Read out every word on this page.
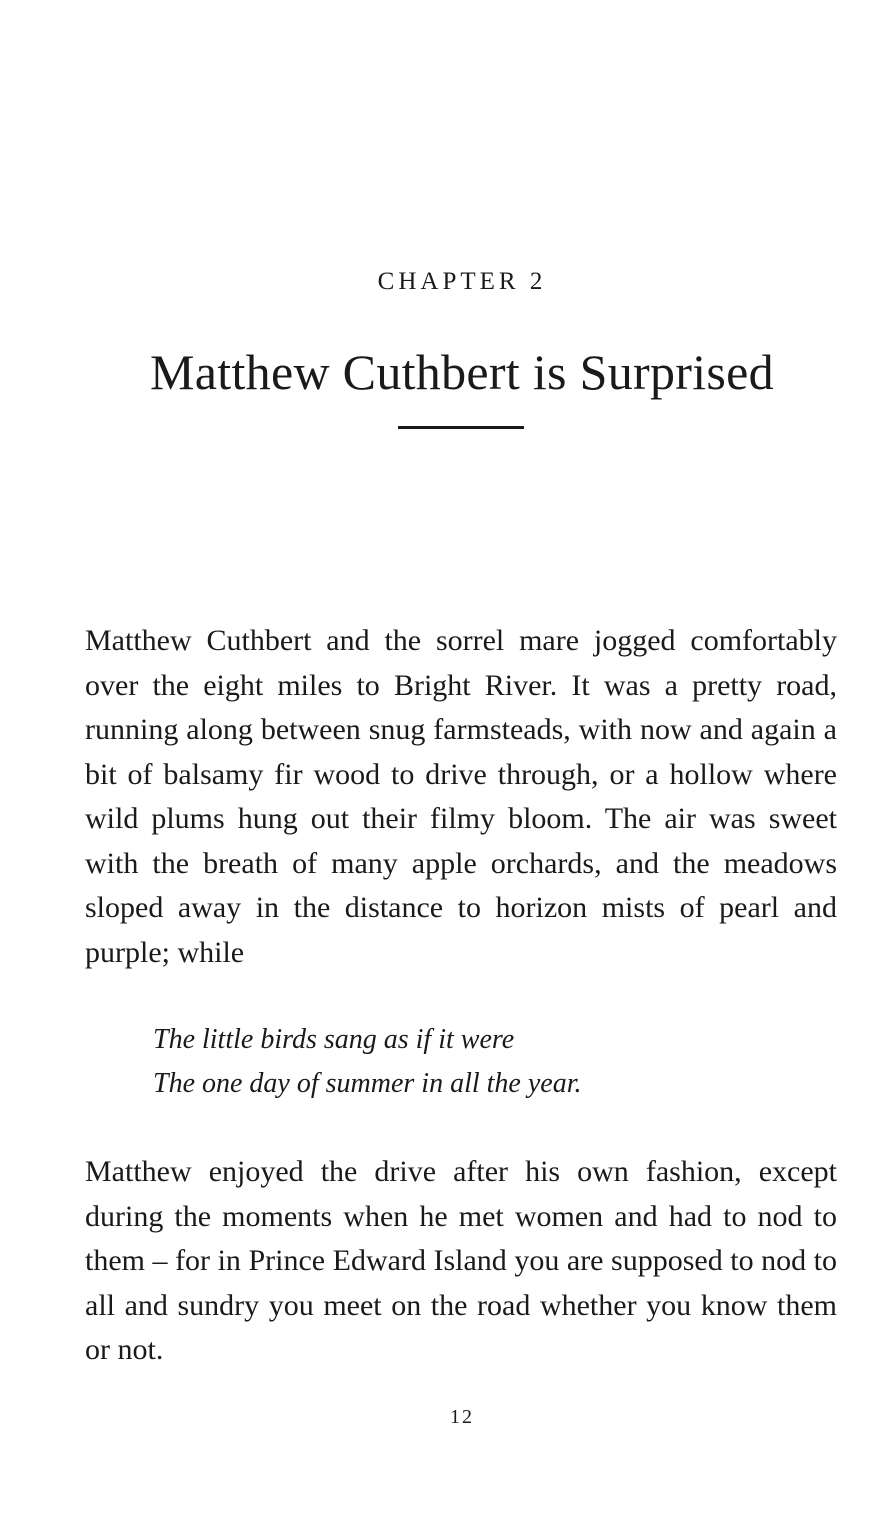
CHAPTER 2
Matthew Cuthbert is Surprised

Matthew Cuthbert and the sorrel mare jogged comfortably over the eight miles to Bright River. It was a pretty road, running along between snug farmsteads, with now and again a bit of balsamy fir wood to drive through, or a hollow where wild plums hung out their filmy bloom. The air was sweet with the breath of many apple orchards, and the meadows sloped away in the distance to horizon mists of pearl and purple; while

The little birds sang as if it were
The one day of summer in all the year.

Matthew enjoyed the drive after his own fashion, except during the moments when he met women and had to nod to them – for in Prince Edward Island you are supposed to nod to all and sundry you meet on the road whether you know them or not.

12
